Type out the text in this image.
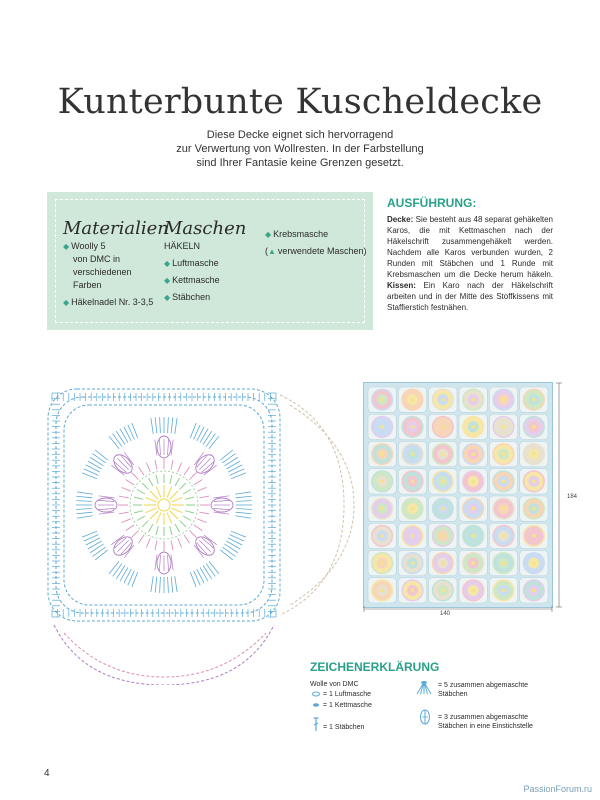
Kunterbunte Kuscheldecke
Diese Decke eignet sich hervorragend
zur Verwertung von Wollresten. In der Farbstellung
sind Ihrer Fantasie keine Grenzen gesetzt.
Materialien
◆ Woolly 5
von DMC in
verschiedenen
Farben
◆ Häkelnadel Nr. 3-3,5
Maschen
HÄKELN
◆ Luftmasche
◆ Kettmasche
◆ Stäbchen
◆ Krebsmasche
(▲ verwendete Maschen)
AUSFÜHRUNG:
Decke: Sie besteht aus 48 separat gehäkelten Karos, die mit Kettmaschen nach der Häkelschrift zusammengehäkelt werden. Nachdem alle Karos verbunden wurden, 2 Runden mit Stäbchen und 1 Runde mit Krebsmaschen um die Decke herum häkeln. Kissen: Ein Karo nach der Häkelschrift arbeiten und in der Mitte des Stoffkissens mit Staffierstich festnähen.
140
184
ZEICHENERKLÄRUNG
Wolle von DMC
= 1 Luftmasche
= 1 Kettmasche
= 1 Stäbchen
= 5 zusammen abgemaschte
Stäbchen
= 3 zusammen abgemaschte
Stäbchen in eine Einstichstelle
4
PassionForum.ru
